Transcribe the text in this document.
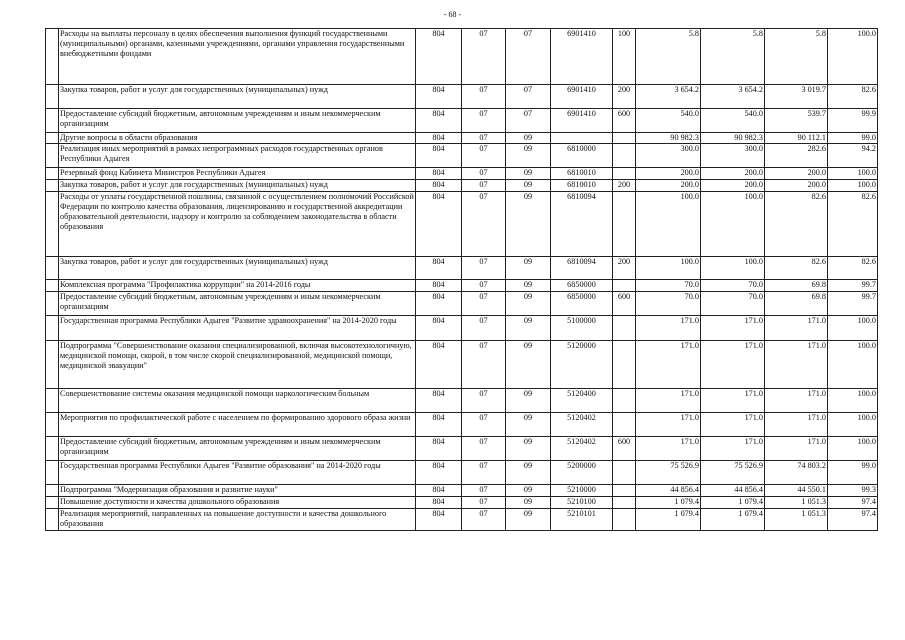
- 68 -
	Расходы на выплаты персоналу в целях обеспечения выполнения функций государственными (муниципальными) органами, казенными учреждениями, органами управления государственными внебюджетными фондами	804	07	07	6901410	100	5.8	5.8	5.8	100.0
	Закупка товаров, работ и услуг для государственных (муниципальных) нужд	804	07	07	6901410	200	3 654.2	3 654.2	3 019.7	82.6
	Предоставление субсидий бюджетным, автономным учреждениям и иным некоммерческим организациям	804	07	07	6901410	600	540.0	540.0	539.7	99.9
	Другие вопросы в области образования	804	07	09			90 982.3	90 982.3	90 112.1	99.0
	Реализация иных мероприятий в рамках непрограммных расходов государственных органов Республики Адыгея	804	07	09	6810000		300.0	300.0	282.6	94.2
	Резервный фонд Кабинета Министров Республики Адыгея	804	07	09	6810010		200.0	200.0	200.0	100.0
	Закупка товаров, работ и услуг для государственных (муниципальных) нужд	804	07	09	6810010	200	200.0	200.0	200.0	100.0
	Расходы от уплаты государственной пошлины, связанной с осуществлением полномочий Российской Федерации по контролю качества образования, лицензированию и государственной аккредитации образовательной деятельности, надзору и контролю за соблюдением законодательства в области образования	804	07	09	6810094		100.0	100.0	82.6	82.6
	Закупка товаров, работ и услуг для государственных (муниципальных) нужд	804	07	09	6810094	200	100.0	100.0	82.6	82.6
	Комплексная программа "Профилактика коррупции" на 2014-2016 годы	804	07	09	6850000		70.0	70.0	69.8	99.7
	Предоставление субсидий бюджетным, автономным учреждениям и иным некоммерческим организациям	804	07	09	6850000	600	70.0	70.0	69.8	99.7
	Государственная программа Республики Адыгея "Развитие здравоохранения" на 2014-2020 годы	804	07	09	5100000		171.0	171.0	171.0	100.0
	Подпрограмма "Совершенствование оказания специализированной, включая высокотехнологичную, медицинской помощи, скорой, в том числе скорой специализированной, медицинской помощи, медицинской эвакуации"	804	07	09	5120000		171.0	171.0	171.0	100.0
	Совершенствование системы оказания медицинской помощи наркологическим больным	804	07	09	5120400		171.0	171.0	171.0	100.0
	Мероприятия по профилактической работе с населением по формированию здорового образа жизни	804	07	09	5120402		171.0	171.0	171.0	100.0
	Предоставление субсидий бюджетным, автономным учреждениям и иным некоммерческим организациям	804	07	09	5120402	600	171.0	171.0	171.0	100.0
	Государственная программа Республики Адыгея "Развитие образования" на 2014-2020 годы	804	07	09	5200000		75 526.9	75 526.9	74 803.2	99.0
	Подпрограмма "Модернизация образования и развитие науки"	804	07	09	5210000		44 856.4	44 856.4	44 550.1	99.3
	Повышение доступности и качества дошкольного образования	804	07	09	5210100		1 079.4	1 079.4	1 051.3	97.4
	Реализация мероприятий, направленных на повышение доступности и качества дошкольного образования	804	07	09	5210101		1 079.4	1 079.4	1 051.3	97.4
